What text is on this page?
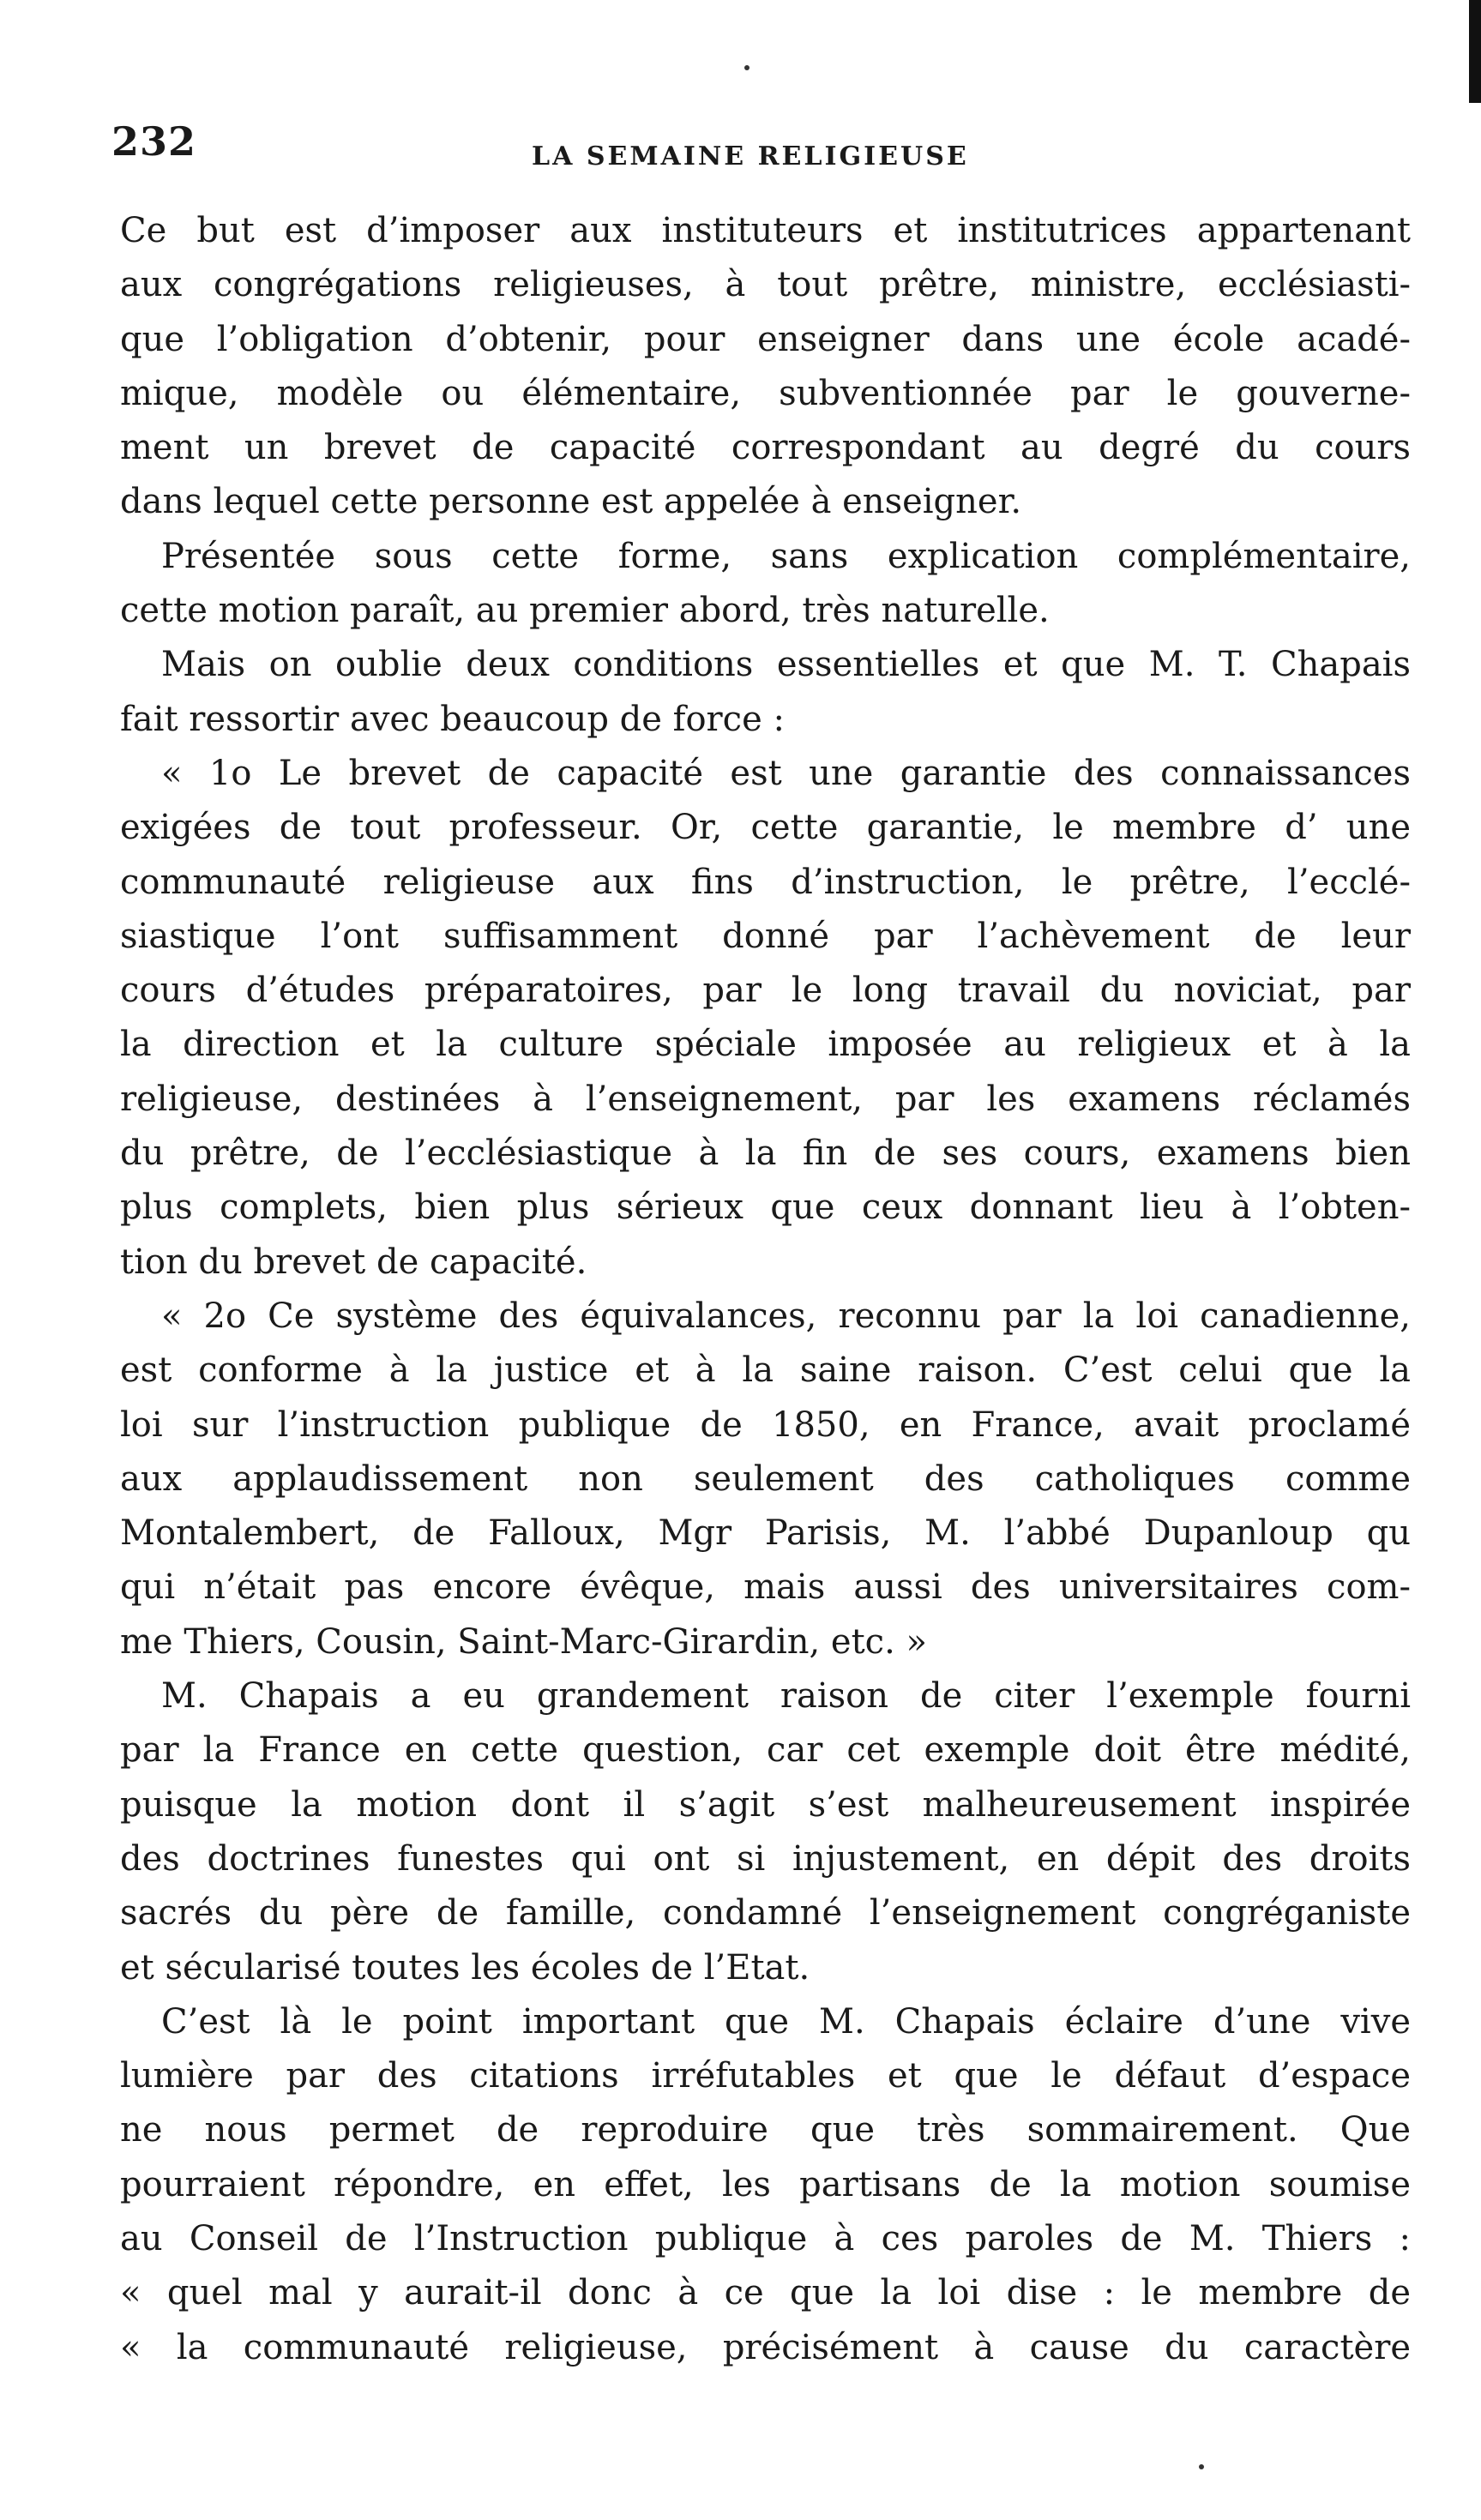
232	LA SEMAINE RELIGIEUSE
Ce but est d’imposer aux instituteurs et institutrices appartenant
aux congrégations religieuses, à tout prêtre, ministre, ecclésiasti-
que l’obligation d’obtenir, pour enseigner dans une école acadé-
mique, modèle ou élémentaire, subventionnée par le gouverne-
ment un brevet de capacité correspondant au degré du cours
dans lequel cette personne est appelée à enseigner.
Présentée sous cette forme, sans explication complémentaire,
cette motion paraît, au premier abord, très naturelle.
Mais on oublie deux conditions essentielles et que M. T. Chapais
fait ressortir avec beaucoup de force :
« 1o Le brevet de capacité est une garantie des connaissances
exigées de tout professeur. Or, cette garantie, le membre d’ une
communauté religieuse aux fins d’instruction, le prêtre, l’ecclé-
siastique l’ont suffisamment donné par l’achèvement de leur
cours d’études préparatoires, par le long travail du noviciat, par
la direction et la culture spéciale imposée au religieux et à la
religieuse, destinées à l’enseignement, par les examens réclamés
du prêtre, de l’ecclésiastique à la fin de ses cours, examens bien
plus complets, bien plus sérieux que ceux donnant lieu à l’obten-
tion du brevet de capacité.
« 2o Ce système des équivalances, reconnu par la loi canadienne,
est conforme à la justice et à la saine raison. C’est celui que la
loi sur l’instruction publique de 1850, en France, avait proclamé
aux applaudissement non seulement des catholiques comme
Montalembert, de Falloux, Mgr Parisis, M. l’abbé Dupanloup qu
qui n’était pas encore évêque, mais aussi des universitaires com-
me Thiers, Cousin, Saint-Marc-Girardin, etc. »
M. Chapais a eu grandement raison de citer l’exemple fourni
par la France en cette question, car cet exemple doit être médité,
puisque la motion dont il s’agit s’est malheureusement inspirée
des doctrines funestes qui ont si injustement, en dépit des droits
sacrés du père de famille, condamné l’enseignement congréganiste
et sécularisé toutes les écoles de l’Etat.
C’est là le point important que M. Chapais éclaire d’une vive
lumière par des citations irréfutables et que le défaut d’espace
ne nous permet de reproduire que très sommairement. Que
pourraient répondre, en effet, les partisans de la motion soumise
au Conseil de l’Instruction publique à ces paroles de M. Thiers :
« quel mal y aurait-il donc à ce que la loi dise : le membre de
« la communauté religieuse, précisément à cause du caractère
